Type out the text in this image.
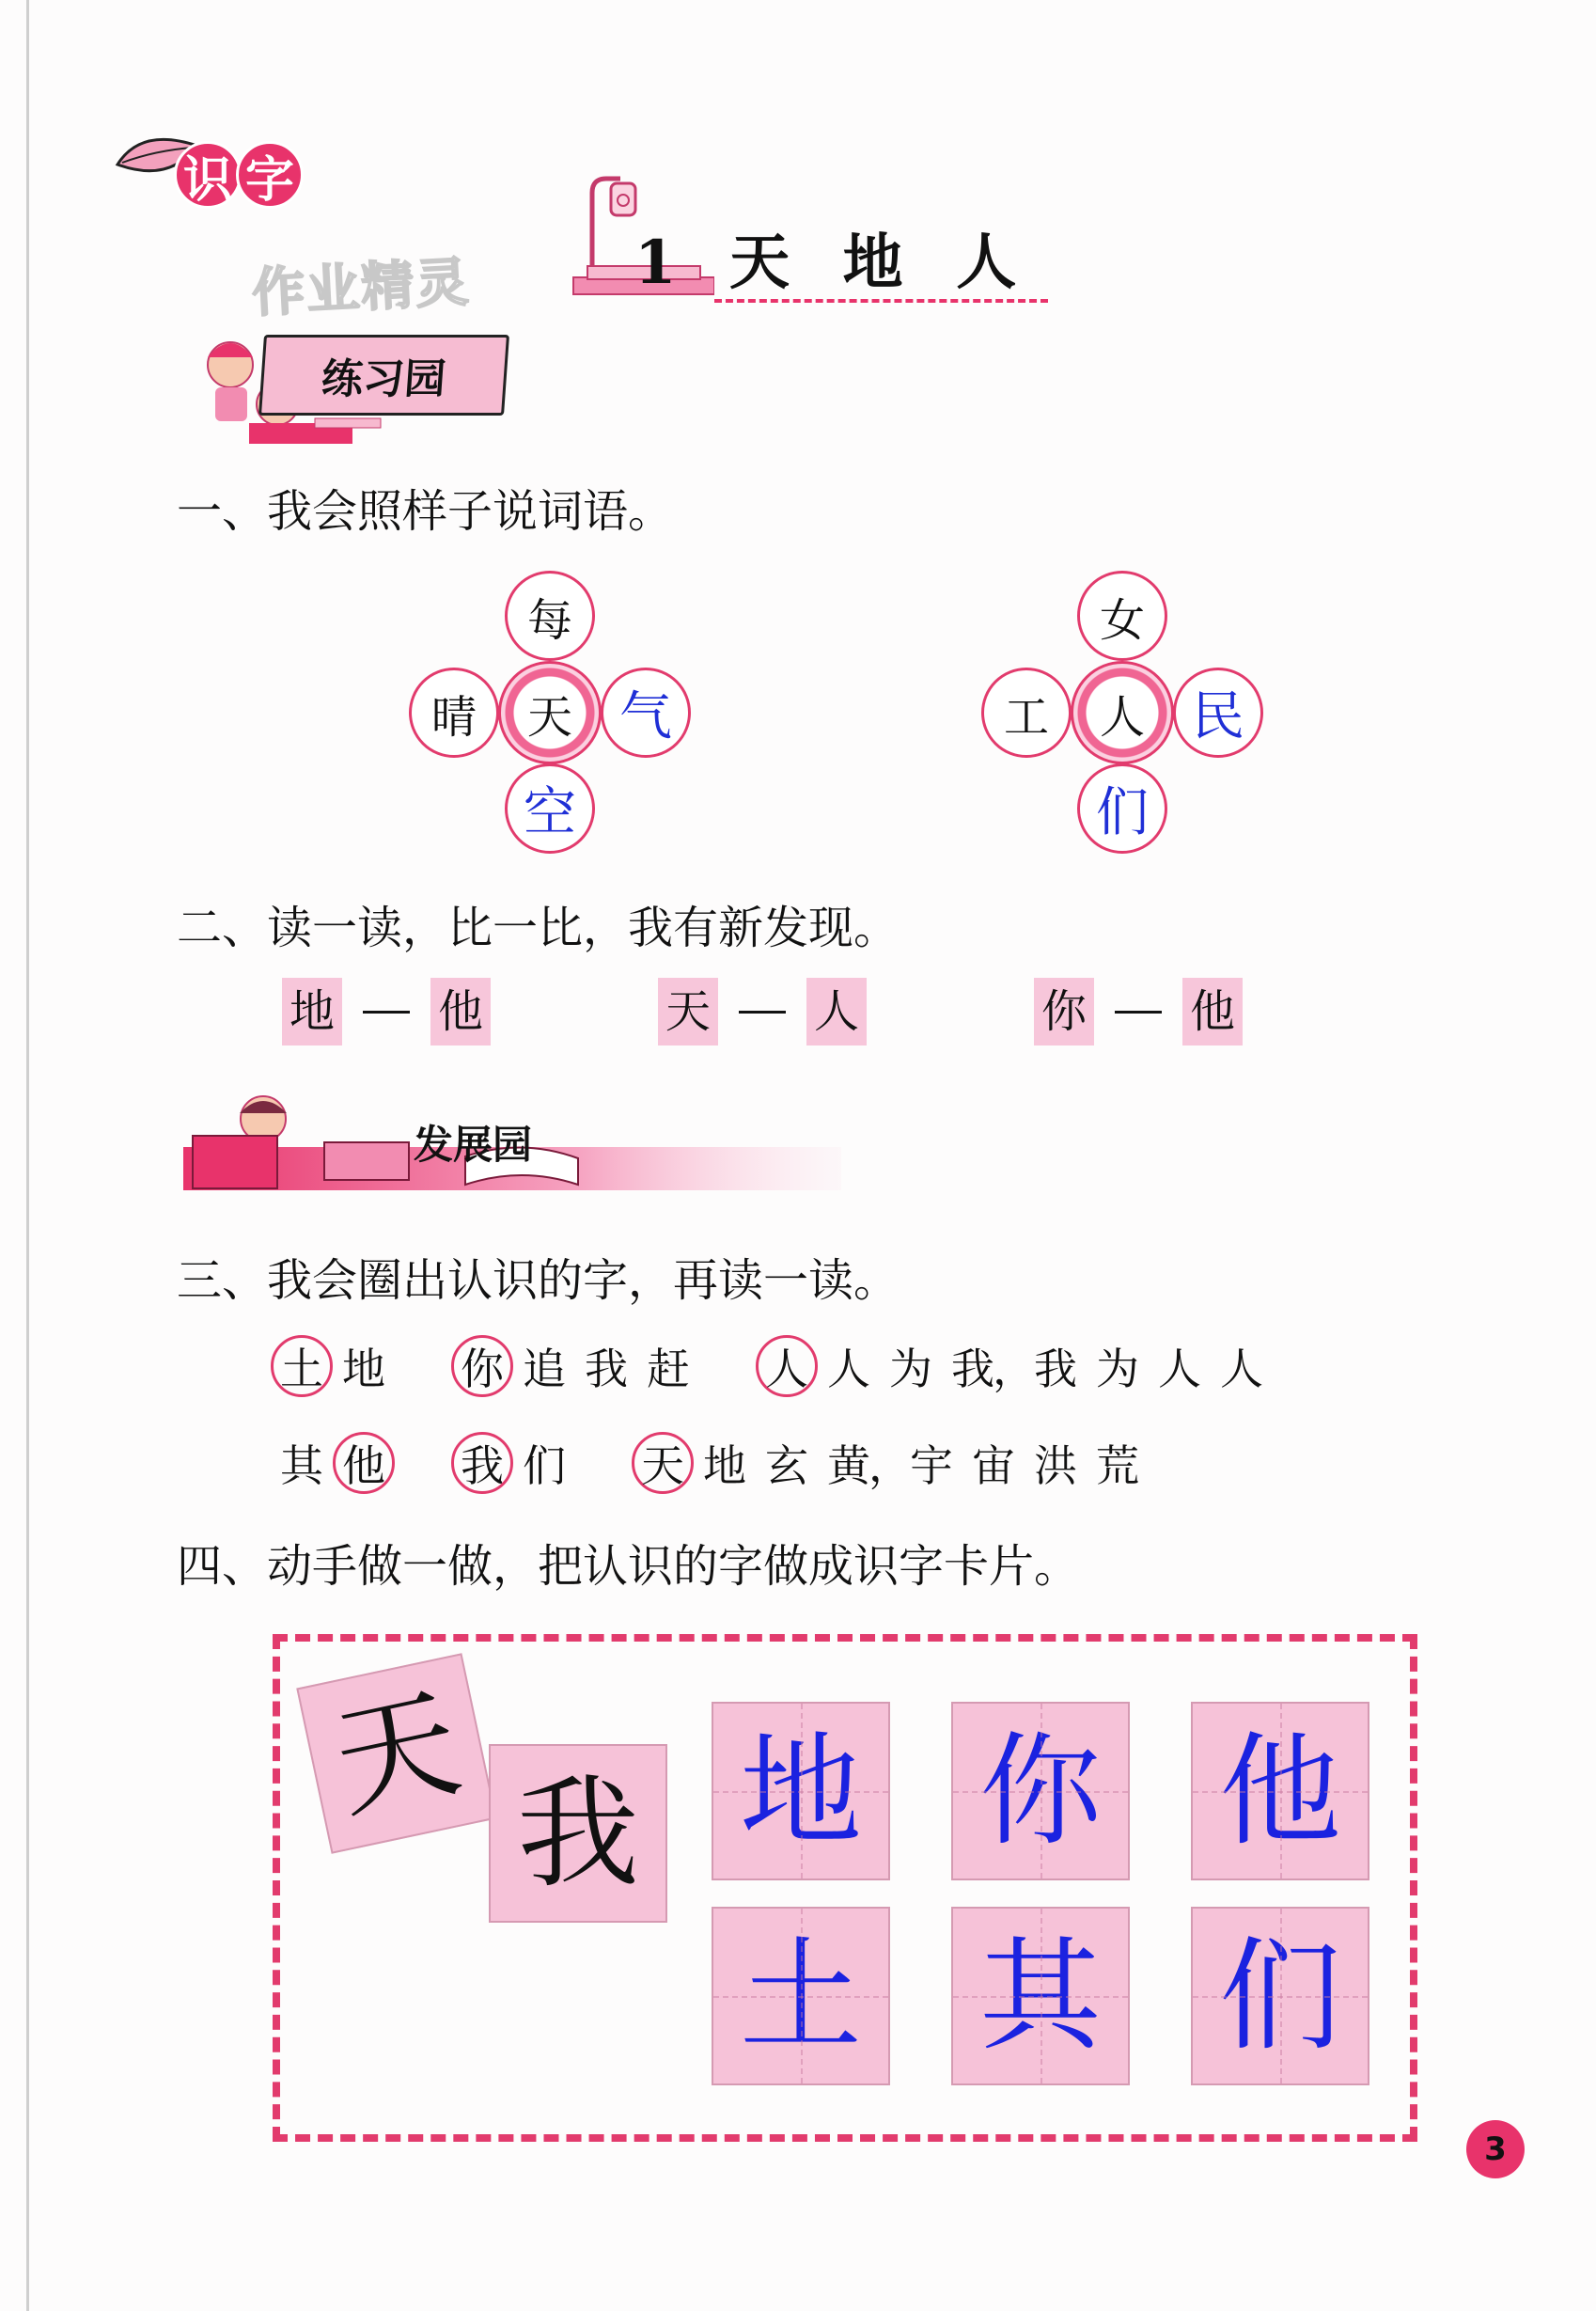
识 字
作业精灵	1  天  地  人
练习园
一、我会照样子说词语。
每
晴	气
空
天
女
工	民
们
人
二、读一读，比一比，我有新发现。
地 他	天 人	你 他
发展园
三、我会圈出认识的字，再读一读。
土 地 你 追 我 赶 人 人 为 我
，
我 为 人 人
其 他 我 们 天 地 玄 黄
，
宇 宙 洪 荒
四、动手做一做，把认识的字做成识字卡片。
天 我 地 你 他
土 其 们
3
